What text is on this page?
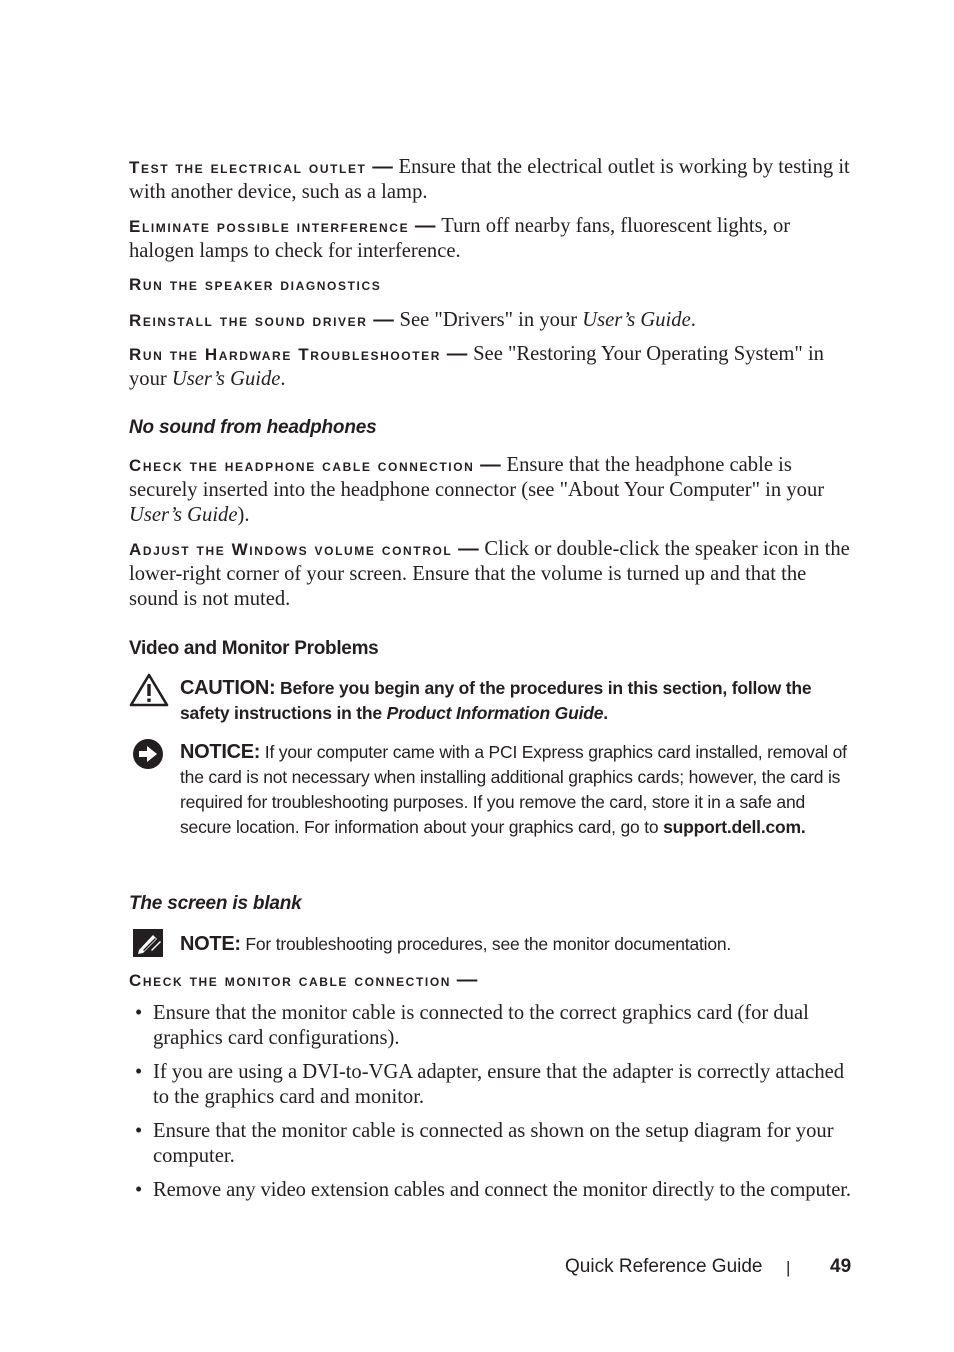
Test the electrical outlet — Ensure that the electrical outlet is working by testing it with another device, such as a lamp.

Eliminate possible interference — Turn off nearby fans, fluorescent lights, or halogen lamps to check for interference.

Run the speaker diagnostics

Reinstall the sound driver — See "Drivers" in your User’s Guide.

Run the Hardware Troubleshooter — See "Restoring Your Operating System" in your User’s Guide.

No sound from headphones

Check the headphone cable connection — Ensure that the headphone cable is securely inserted into the headphone connector (see "About Your Computer" in your User’s Guide).

Adjust the Windows volume control — Click or double-click the speaker icon in the lower-right corner of your screen. Ensure that the volume is turned up and that the sound is not muted.

Video and Monitor Problems
CAUTION: Before you begin any of the procedures in this section, follow the safety instructions in the Product Information Guide.
NOTICE: If your computer came with a PCI Express graphics card installed, removal of the card is not necessary when installing additional graphics cards; however, the card is required for troubleshooting purposes. If you remove the card, store it in a safe and secure location. For information about your graphics card, go to support.dell.com.
The screen is blank
NOTE: For troubleshooting procedures, see the monitor documentation.

Check the monitor cable connection —

• Ensure that the monitor cable is connected to the correct graphics card (for dual graphics card configurations).
• If you are using a DVI-to-VGA adapter, ensure that the adapter is correctly attached to the graphics card and monitor.
• Ensure that the monitor cable is connected as shown on the setup diagram for your computer.
• Remove any video extension cables and connect the monitor directly to the computer.
Quick Reference Guide | 49
